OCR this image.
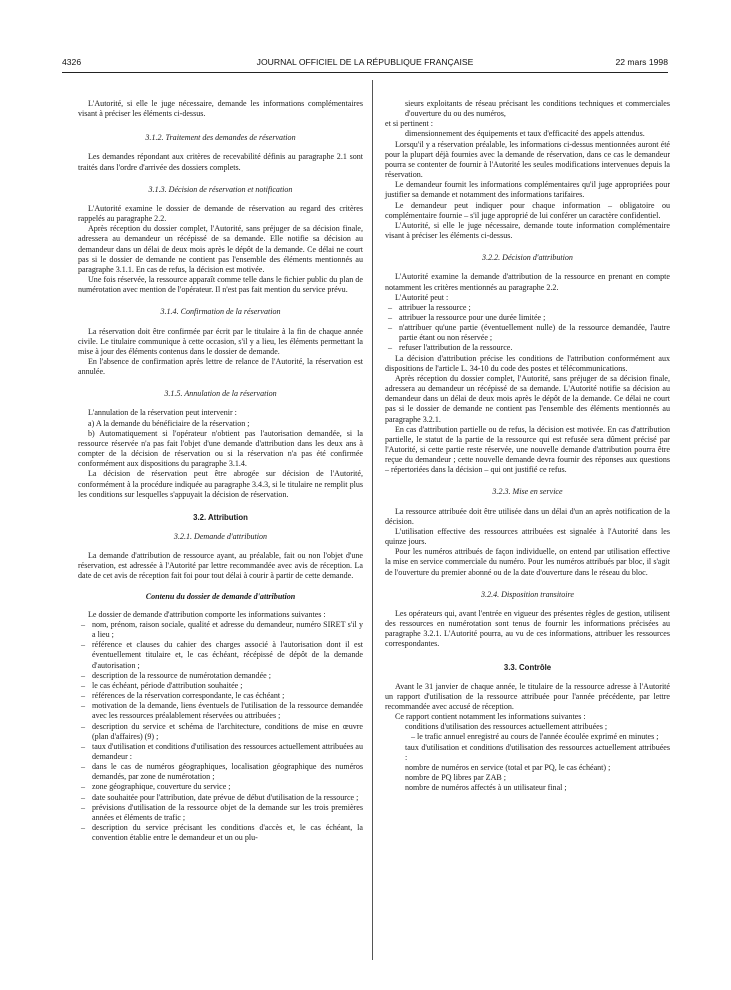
4326	JOURNAL OFFICIEL DE LA RÉPUBLIQUE FRANÇAISE	22 mars 1998

L'Autorité, si elle le juge nécessaire, demande les informations complémentaires visant à préciser les éléments ci-dessus.

3.1.2. Traitement des demandes de réservation

Les demandes répondant aux critères de recevabilité définis au paragraphe 2.1 sont traités dans l'ordre d'arrivée des dossiers complets.

3.1.3. Décision de réservation et notification

L'Autorité examine le dossier de demande de réservation au regard des critères rappelés au paragraphe 2.2.

Après réception du dossier complet, l'Autorité, sans préjuger de sa décision finale, adressera au demandeur un récépissé de sa demande. Elle notifie sa décision au demandeur dans un délai de deux mois après le dépôt de la demande. Ce délai ne court pas si le dossier de demande ne contient pas l'ensemble des éléments mentionnés au paragraphe 3.1.1. En cas de refus, la décision est motivée.

Une fois réservée, la ressource apparaît comme telle dans le fichier public du plan de numérotation avec mention de l'opérateur. Il n'est pas fait mention du service prévu.

3.1.4. Confirmation de la réservation

La réservation doit être confirmée par écrit par le titulaire à la fin de chaque année civile. Le titulaire communique à cette occasion, s'il y a lieu, les éléments permettant la mise à jour des éléments contenus dans le dossier de demande.

En l'absence de confirmation après lettre de relance de l'Autorité, la réservation est annulée.

3.1.5. Annulation de la réservation

L'annulation de la réservation peut intervenir :

a) A la demande du bénéficiaire de la réservation ;

b) Automatiquement si l'opérateur n'obtient pas l'autorisation demandée, si la ressource réservée n'a pas fait l'objet d'une demande d'attribution dans les deux ans à compter de la décision de réservation ou si la réservation n'a pas été confirmée conformément aux dispositions du paragraphe 3.1.4.

La décision de réservation peut être abrogée sur décision de l'Autorité, conformément à la procédure indiquée au paragraphe 3.4.3, si le titulaire ne remplit plus les conditions sur lesquelles s'appuyait la décision de réservation.

3.2. Attribution
3.2.1. Demande d'attribution

La demande d'attribution de ressource ayant, au préalable, fait ou non l'objet d'une réservation, est adressée à l'Autorité par lettre recommandée avec avis de réception. La date de cet avis de réception fait foi pour tout délai à courir à partir de cette demande.

Contenu du dossier de demande d'attribution

Le dossier de demande d'attribution comporte les informations suivantes :

– nom, prénom, raison sociale, qualité et adresse du demandeur, numéro SIRET s'il y a lieu ;
– référence et clauses du cahier des charges associé à l'autorisation dont il est éventuellement titulaire et, le cas échéant, récépissé de dépôt de la demande d'autorisation ;
– description de la ressource de numérotation demandée ;
– le cas échéant, période d'attribution souhaitée ;
– références de la réservation correspondante, le cas échéant ;
– motivation de la demande, liens éventuels de l'utilisation de la ressource demandée avec les ressources préalablement réservées ou attribuées ;
– description du service et schéma de l'architecture, conditions de mise en œuvre (plan d'affaires) (9) ;
– taux d'utilisation et conditions d'utilisation des ressources actuellement attribuées au demandeur :
– dans le cas de numéros géographiques, localisation géographique des numéros demandés, par zone de numérotation ;
– zone géographique, couverture du service ;
– date souhaitée pour l'attribution, date prévue de début d'utilisation de la ressource ;
– prévisions d'utilisation de la ressource objet de la demande sur les trois premières années et éléments de trafic ;
– description du service précisant les conditions d'accès et, le cas échéant, la convention établie entre le demandeur et un ou plu-

sieurs exploitants de réseau précisant les conditions techniques et commerciales d'ouverture du ou des numéros,

et si pertinent :

dimensionnement des équipements et taux d'efficacité des appels attendus.

Lorsqu'il y a réservation préalable, les informations ci-dessus mentionnées auront été pour la plupart déjà fournies avec la demande de réservation, dans ce cas le demandeur pourra se contenter de fournir à l'Autorité les seules modifications intervenues depuis la réservation.

Le demandeur fournit les informations complémentaires qu'il juge appropriées pour justifier sa demande et notamment des informations tarifaires.

Le demandeur peut indiquer pour chaque information – obligatoire ou complémentaire fournie – s'il juge approprié de lui conférer un caractère confidentiel.

L'Autorité, si elle le juge nécessaire, demande toute information complémentaire visant à préciser les éléments ci-dessus.

3.2.2. Décision d'attribution

L'Autorité examine la demande d'attribution de la ressource en prenant en compte notamment les critères mentionnés au paragraphe 2.2.

L'Autorité peut :

– attribuer la ressource ;
– attribuer la ressource pour une durée limitée ;
– n'attribuer qu'une partie (éventuellement nulle) de la ressource demandée, l'autre partie étant ou non réservée ;
– refuser l'attribution de la ressource.

La décision d'attribution précise les conditions de l'attribution conformément aux dispositions de l'article L. 34-10 du code des postes et télécommunications.

Après réception du dossier complet, l'Autorité, sans préjuger de sa décision finale, adressera au demandeur un récépissé de sa demande. L'Autorité notifie sa décision au demandeur dans un délai de deux mois après le dépôt de la demande. Ce délai ne court pas si le dossier de demande ne contient pas l'ensemble des éléments mentionnés au paragraphe 3.2.1.

En cas d'attribution partielle ou de refus, la décision est motivée. En cas d'attribution partielle, le statut de la partie de la ressource qui est refusée sera dûment précisé par l'Autorité, si cette partie reste réservée, une nouvelle demande d'attribution pourra être reçue du demandeur ; cette nouvelle demande devra fournir des réponses aux questions – répertoriées dans la décision – qui ont justifié ce refus.

3.2.3. Mise en service

La ressource attribuée doit être utilisée dans un délai d'un an après notification de la décision.

L'utilisation effective des ressources attribuées est signalée à l'Autorité dans les quinze jours.

Pour les numéros attribués de façon individuelle, on entend par utilisation effective la mise en service commerciale du numéro. Pour les numéros attribués par bloc, il s'agit de l'ouverture du premier abonné ou de la date d'ouverture dans le réseau du bloc.

3.2.4. Disposition transitoire

Les opérateurs qui, avant l'entrée en vigueur des présentes règles de gestion, utilisent des ressources en numérotation sont tenus de fournir les informations précisées au paragraphe 3.2.1. L'Autorité pourra, au vu de ces informations, attribuer les ressources correspondantes.

3.3. Contrôle

Avant le 31 janvier de chaque année, le titulaire de la ressource adresse à l'Autorité un rapport d'utilisation de la ressource attribuée pour l'année précédente, par lettre recommandée avec accusé de réception.

Ce rapport contient notamment les informations suivantes :

conditions d'utilisation des ressources actuellement attribuées ;

– le trafic annuel enregistré au cours de l'année écoulée exprimé en minutes ;

taux d'utilisation et conditions d'utilisation des ressources actuellement attribuées :

nombre de numéros en service (total et par PQ, le cas échéant) ;

nombre de PQ libres par ZAB ;

nombre de numéros affectés à un utilisateur final ;
